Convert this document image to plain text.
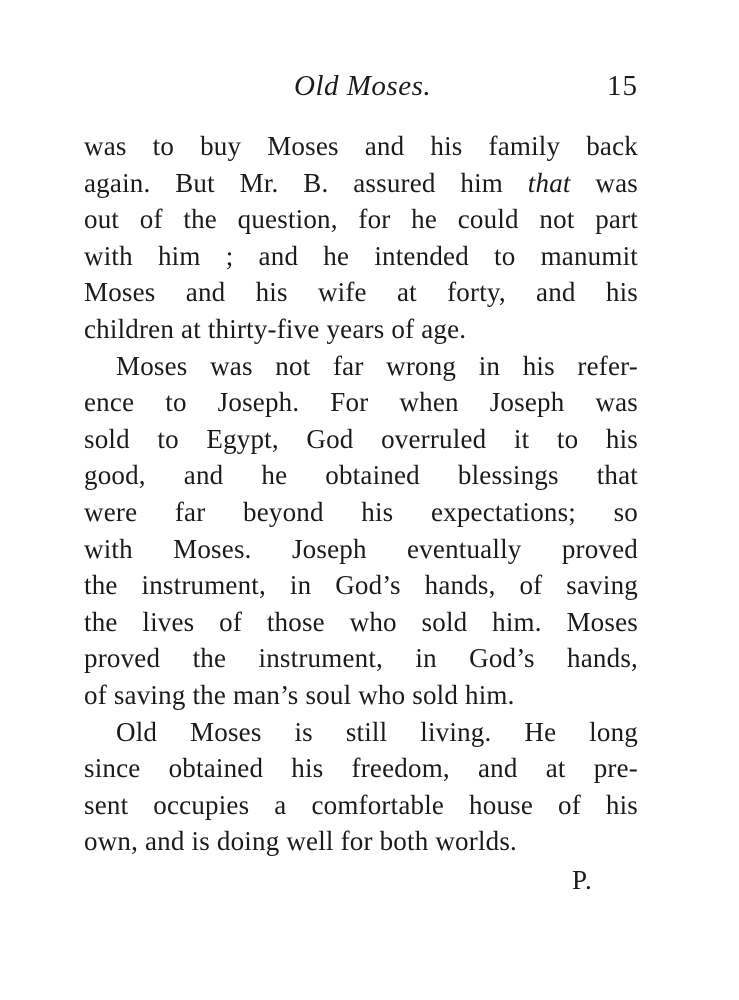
Old Moses.	15
was to buy Moses and his family back
again. But Mr. B. assured him that was
out of the question, for he could not part
with him ; and he intended to manumit
Moses and his wife at forty, and his
children at thirty-five years of age.
Moses was not far wrong in his refer-
ence to Joseph. For when Joseph was
sold to Egypt, God overruled it to his
good, and he obtained blessings that
were far beyond his expectations; so
with Moses. Joseph eventually proved
the instrument, in God’s hands, of saving
the lives of those who sold him. Moses
proved the instrument, in God’s hands,
of saving the man’s soul who sold him.
Old Moses is still living. He long
since obtained his freedom, and at pre-
sent occupies a comfortable house of his
own, and is doing well for both worlds.
P.
